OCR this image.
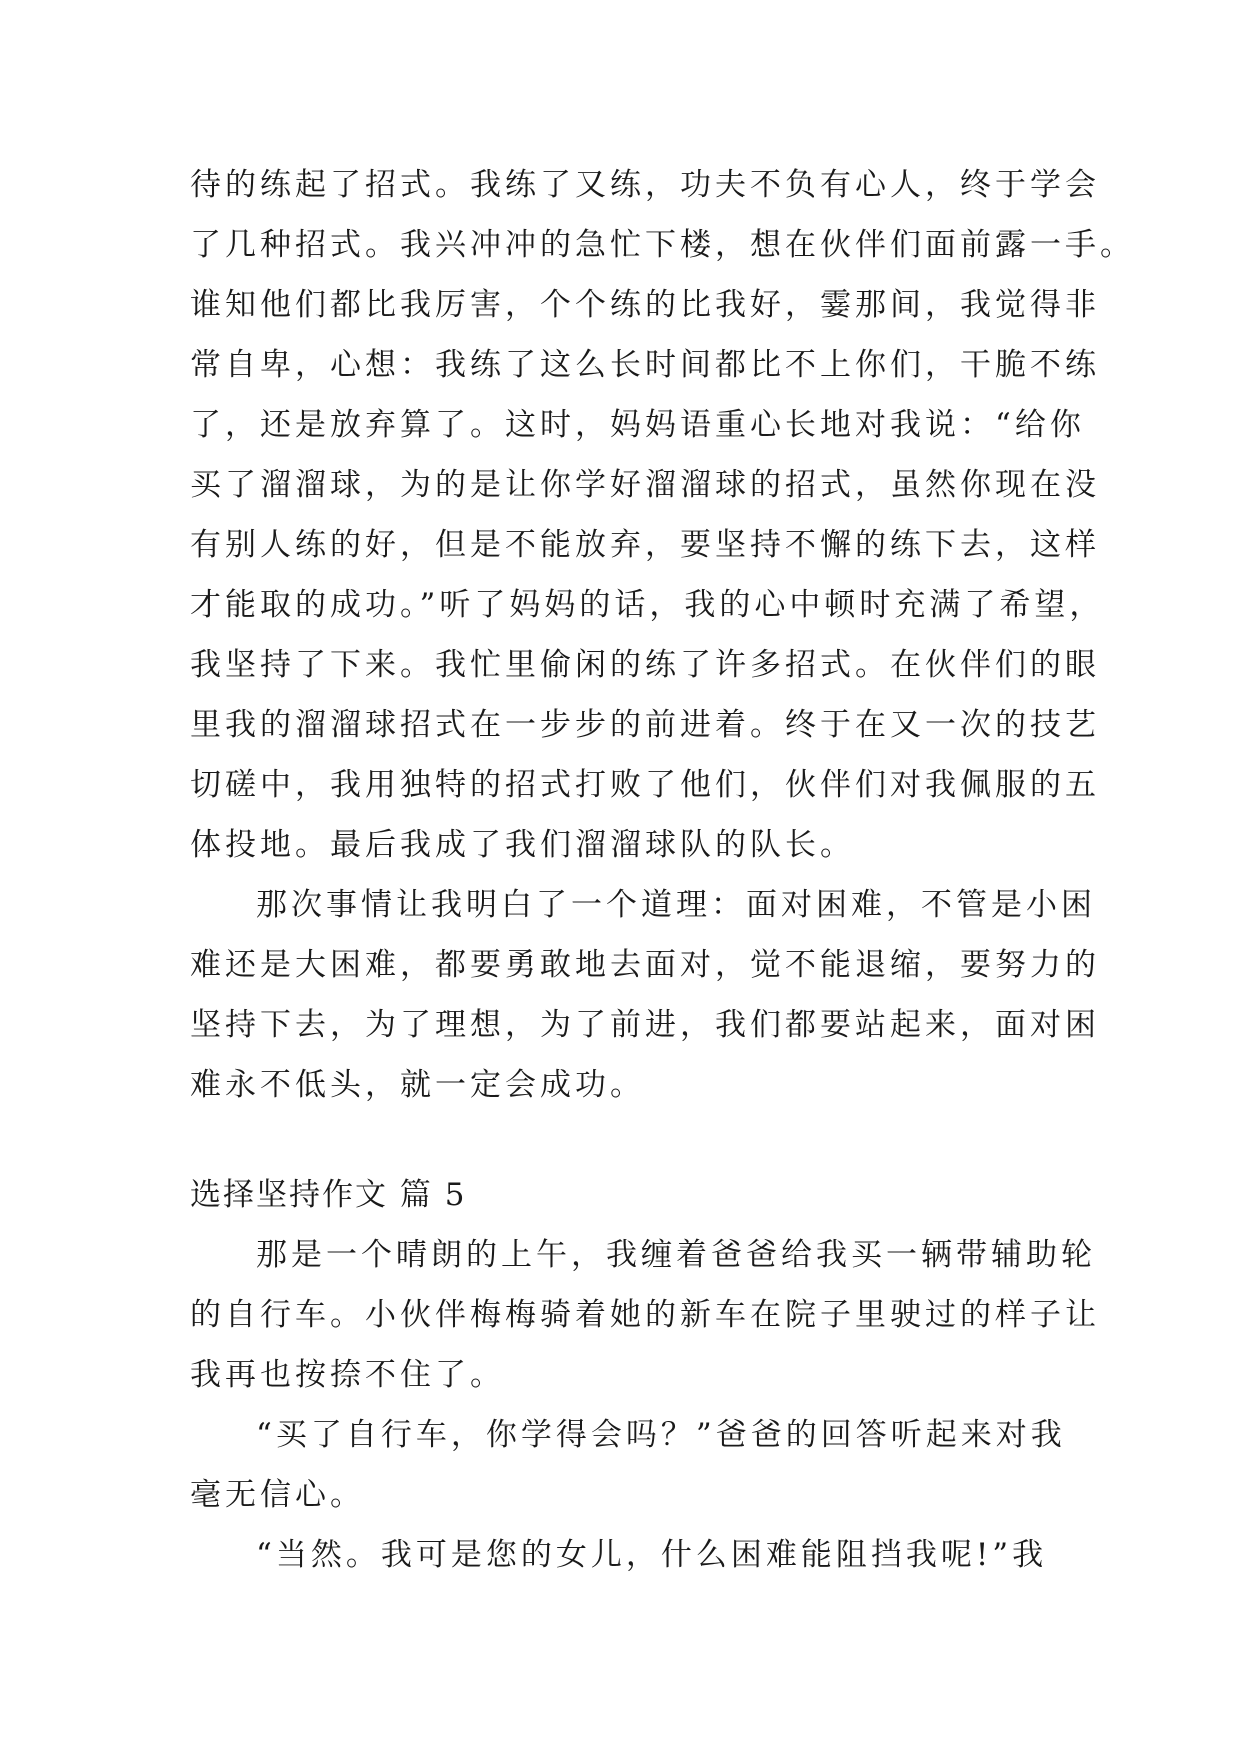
待的练起了招式。我练了又练，功夫不负有心人，终于学会
了几种招式。我兴冲冲的急忙下楼，想在伙伴们面前露一手。
谁知他们都比我厉害，个个练的比我好，霎那间，我觉得非
常自卑，心想：我练了这么长时间都比不上你们，干脆不练
了，还是放弃算了。这时，妈妈语重心长地对我说：“给你
买了溜溜球，为的是让你学好溜溜球的招式，虽然你现在没
有别人练的好，但是不能放弃，要坚持不懈的练下去，这样
才能取的成功。”听了妈妈的话，我的心中顿时充满了希望，
我坚持了下来。我忙里偷闲的练了许多招式。在伙伴们的眼
里我的溜溜球招式在一步步的前进着。终于在又一次的技艺
切磋中，我用独特的招式打败了他们，伙伴们对我佩服的五
体投地。最后我成了我们溜溜球队的队长。
那次事情让我明白了一个道理：面对困难，不管是小困
难还是大困难，都要勇敢地去面对，觉不能退缩，要努力的
坚持下去，为了理想，为了前进，我们都要站起来，面对困
难永不低头，就一定会成功。
选择坚持作文 篇 5
那是一个晴朗的上午，我缠着爸爸给我买一辆带辅助轮
的自行车。小伙伴梅梅骑着她的新车在院子里驶过的样子让
我再也按捺不住了。
“买了自行车，你学得会吗？”爸爸的回答听起来对我
毫无信心。
“当然。我可是您的女儿，什么困难能阻挡我呢!”我
